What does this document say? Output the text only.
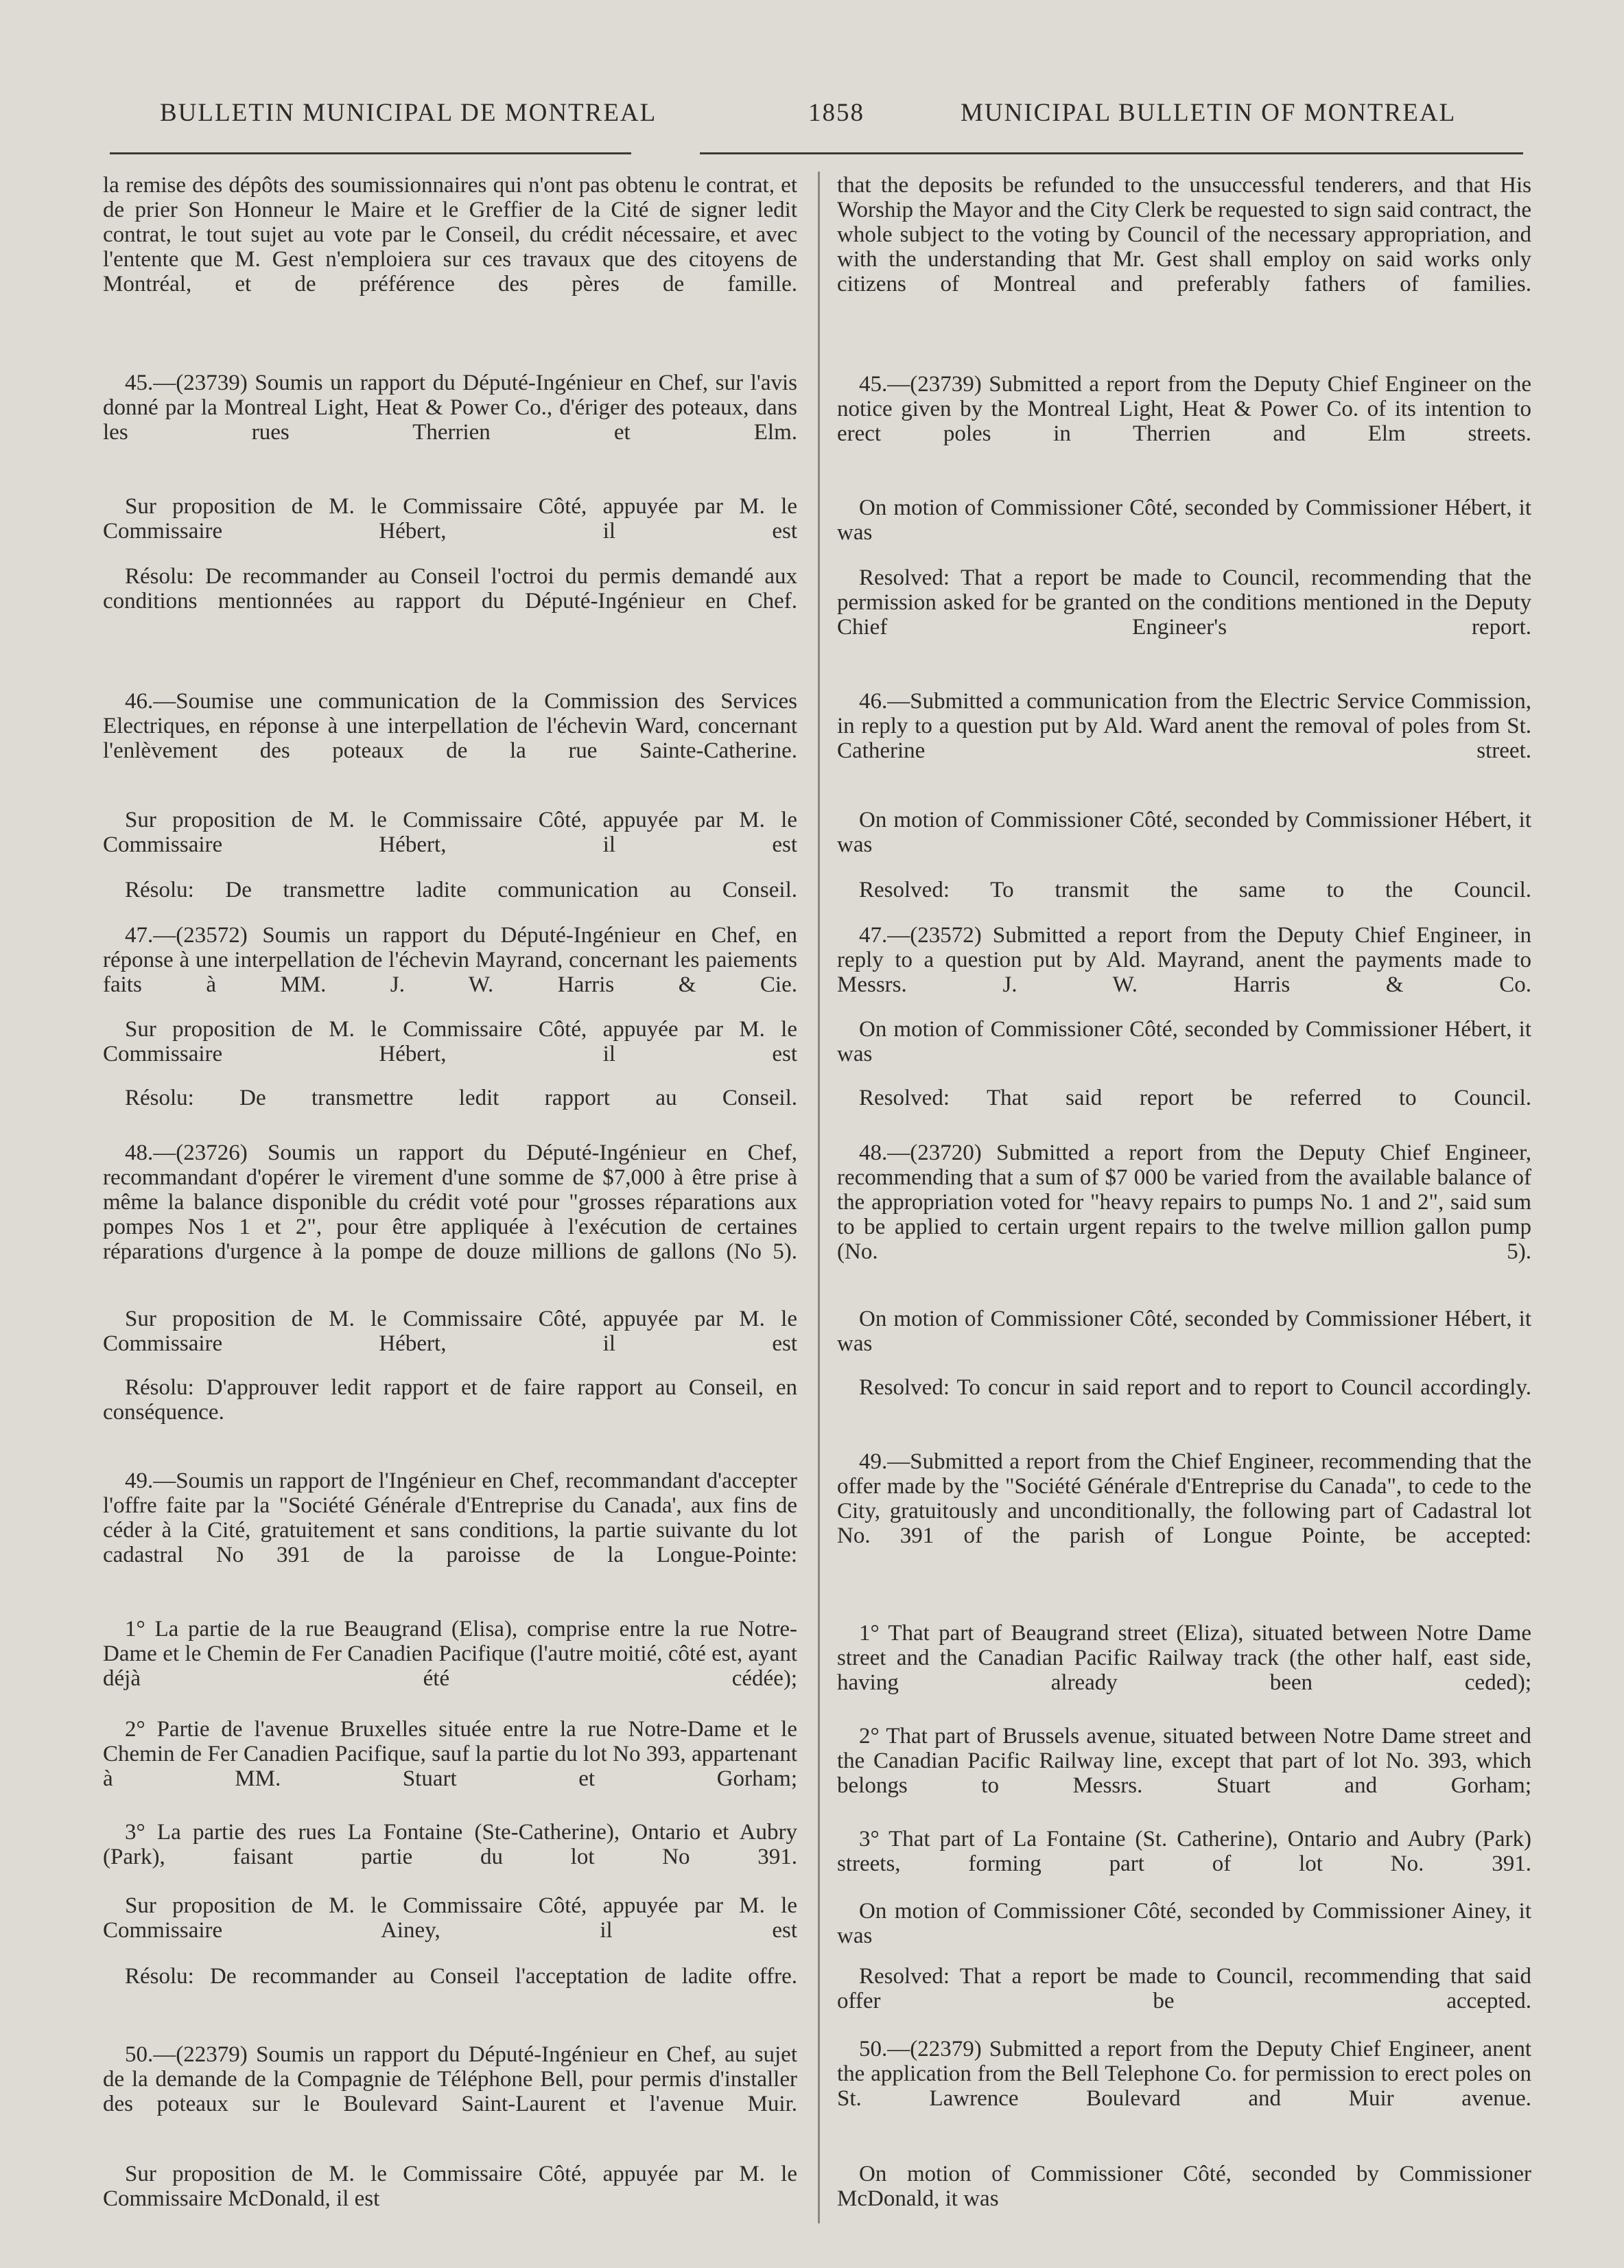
BULLETIN MUNICIPAL DE MONTREAL	1858	MUNICIPAL BULLETIN OF MONTREAL

la remise des dépôts des soumissionnaires qui n'ont pas obtenu le contrat, et de prier Son Honneur le Maire et le Greffier de la Cité de signer ledit contrat, le tout sujet au vote par le Conseil, du crédit nécessaire, et avec l'entente que M. Gest n'emploiera sur ces travaux que des citoyens de Montréal, et de préférence des pères de famille.

45.—(23739) Soumis un rapport du Député-Ingénieur en Chef, sur l'avis donné par la Montreal Light, Heat & Power Co., d'ériger des poteaux, dans les rues Therrien et Elm.

Sur proposition de M. le Commissaire Côté, appuyée par M. le Commissaire Hébert, il est

Résolu: De recommander au Conseil l'octroi du permis demandé aux conditions mentionnées au rapport du Député-Ingénieur en Chef.

46.—Soumise une communication de la Commission des Services Electriques, en réponse à une interpellation de l'échevin Ward, concernant l'enlèvement des poteaux de la rue Sainte-Catherine.

Sur proposition de M. le Commissaire Côté, appuyée par M. le Commissaire Hébert, il est

Résolu: De transmettre ladite communication au Conseil.

47.—(23572) Soumis un rapport du Député-Ingénieur en Chef, en réponse à une interpellation de l'échevin Mayrand, concernant les paiements faits à MM. J. W. Harris & Cie.

Sur proposition de M. le Commissaire Côté, appuyée par M. le Commissaire Hébert, il est

Résolu: De transmettre ledit rapport au Conseil.

48.—(23726) Soumis un rapport du Député-Ingénieur en Chef, recommandant d'opérer le virement d'une somme de $7,000 à être prise à même la balance disponible du crédit voté pour "grosses réparations aux pompes Nos 1 et 2", pour être appliquée à l'exécution de certaines réparations d'urgence à la pompe de douze millions de gallons (No 5).

Sur proposition de M. le Commissaire Côté, appuyée par M. le Commissaire Hébert, il est

Résolu: D'approuver ledit rapport et de faire rapport au Conseil, en conséquence.

49.—Soumis un rapport de l'Ingénieur en Chef, recommandant d'accepter l'offre faite par la "Société Générale d'Entreprise du Canada', aux fins de céder à la Cité, gratuitement et sans conditions, la partie suivante du lot cadastral No 391 de la paroisse de la Longue-Pointe:

1° La partie de la rue Beaugrand (Elisa), comprise entre la rue Notre-Dame et le Chemin de Fer Canadien Pacifique (l'autre moitié, côté est, ayant déjà été cédée);

2° Partie de l'avenue Bruxelles située entre la rue Notre-Dame et le Chemin de Fer Canadien Pacifique, sauf la partie du lot No 393, appartenant à MM. Stuart et Gorham;

3° La partie des rues La Fontaine (Ste-Catherine), Ontario et Aubry (Park), faisant partie du lot No 391.

Sur proposition de M. le Commissaire Côté, appuyée par M. le Commissaire Ainey, il est

Résolu: De recommander au Conseil l'acceptation de ladite offre.

50.—(22379) Soumis un rapport du Député-Ingénieur en Chef, au sujet de la demande de la Compagnie de Téléphone Bell, pour permis d'installer des poteaux sur le Boulevard Saint-Laurent et l'avenue Muir.

Sur proposition de M. le Commissaire Côté, appuyée par M. le Commissaire McDonald, il est

that the deposits be refunded to the unsuccessful tenderers, and that His Worship the Mayor and the City Clerk be requested to sign said contract, the whole subject to the voting by Council of the necessary appropriation, and with the understanding that Mr. Gest shall employ on said works only citizens of Montreal and preferably fathers of families.

45.—(23739) Submitted a report from the Deputy Chief Engineer on the notice given by the Montreal Light, Heat & Power Co. of its intention to erect poles in Therrien and Elm streets.

On motion of Commissioner Côté, seconded by Commissioner Hébert, it was

Resolved: That a report be made to Council, recommending that the permission asked for be granted on the conditions mentioned in the Deputy Chief Engineer's report.

46.—Submitted a communication from the Electric Service Commission, in reply to a question put by Ald. Ward anent the removal of poles from St. Catherine street.

On motion of Commissioner Côté, seconded by Commissioner Hébert, it was

Resolved: To transmit the same to the Council.

47.—(23572) Submitted a report from the Deputy Chief Engineer, in reply to a question put by Ald. Mayrand, anent the payments made to Messrs. J. W. Harris & Co.

On motion of Commissioner Côté, seconded by Commissioner Hébert, it was

Resolved: That said report be referred to Council.

48.—(23720) Submitted a report from the Deputy Chief Engineer, recommending that a sum of $7 000 be varied from the available balance of the appropriation voted for "heavy repairs to pumps No. 1 and 2", said sum to be applied to certain urgent repairs to the twelve million gallon pump (No. 5).

On motion of Commissioner Côté, seconded by Commissioner Hébert, it was

Resolved: To concur in said report and to report to Council accordingly.

49.—Submitted a report from the Chief Engineer, recommending that the offer made by the "Société Générale d'Entreprise du Canada", to cede to the City, gratuitously and unconditionally, the following part of Cadastral lot No. 391 of the parish of Longue Pointe, be accepted:

1° That part of Beaugrand street (Eliza), situated between Notre Dame street and the Canadian Pacific Railway track (the other half, east side, having already been ceded);

2° That part of Brussels avenue, situated between Notre Dame street and the Canadian Pacific Railway line, except that part of lot No. 393, which belongs to Messrs. Stuart and Gorham;

3° That part of La Fontaine (St. Catherine), Ontario and Aubry (Park) streets, forming part of lot No. 391.

On motion of Commissioner Côté, seconded by Commissioner Ainey, it was

Resolved: That a report be made to Council, recommending that said offer be accepted.

50.—(22379) Submitted a report from the Deputy Chief Engineer, anent the application from the Bell Telephone Co. for permission to erect poles on St. Lawrence Boulevard and Muir avenue.

On motion of Commissioner Côté, seconded by Commissioner McDonald, it was
